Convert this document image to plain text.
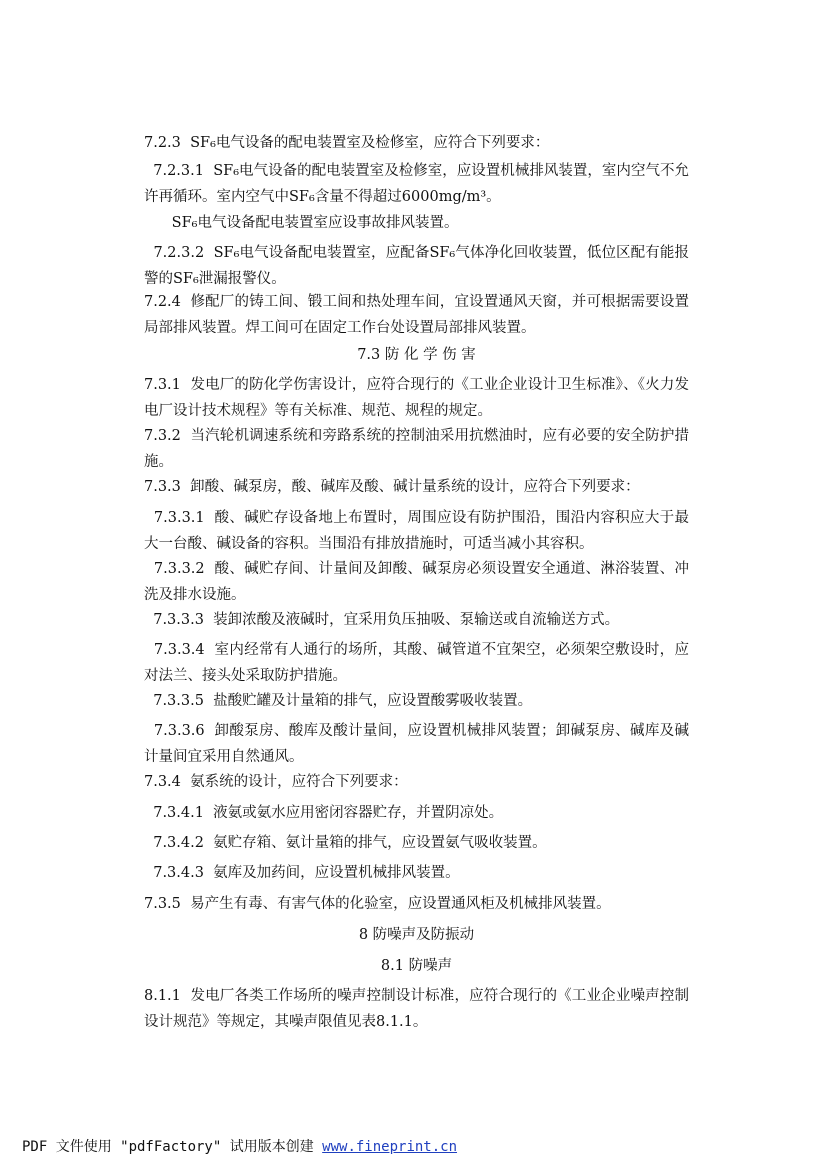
7.2.3  SF₆电气设备的配电装置室及检修室，应符合下列要求：
7.2.3.1  SF₆电气设备的配电装置室及检修室，应设置机械排风装置，室内空气不允许再循环。室内空气中SF₆含量不得超过6000mg/m³。
SF₆电气设备配电装置室应设事故排风装置。
7.2.3.2  SF₆电气设备配电装置室，应配备SF₆气体净化回收装置，低位区配有能报警的SF₆泄漏报警仪。
7.2.4  修配厂的铸工间、锻工间和热处理车间，宜设置通风天窗，并可根据需要设置局部排风装置。焊工间可在固定工作台处设置局部排风装置。
7.3 防 化 学 伤 害
7.3.1  发电厂的防化学伤害设计，应符合现行的《工业企业设计卫生标准》、《火力发电厂设计技术规程》等有关标准、规范、规程的规定。
7.3.2  当汽轮机调速系统和旁路系统的控制油采用抗燃油时，应有必要的安全防护措施。
7.3.3  卸酸、碱泵房，酸、碱库及酸、碱计量系统的设计，应符合下列要求：
7.3.3.1  酸、碱贮存设备地上布置时，周围应设有防护围沿，围沿内容积应大于最大一台酸、碱设备的容积。当围沿有排放措施时，可适当减小其容积。
7.3.3.2  酸、碱贮存间、计量间及卸酸、碱泵房必须设置安全通道、淋浴装置、冲洗及排水设施。
7.3.3.3  装卸浓酸及液碱时，宜采用负压抽吸、泵输送或自流输送方式。
7.3.3.4  室内经常有人通行的场所，其酸、碱管道不宜架空，必须架空敷设时，应对法兰、接头处采取防护措施。
7.3.3.5  盐酸贮罐及计量箱的排气，应设置酸雾吸收装置。
7.3.3.6  卸酸泵房、酸库及酸计量间，应设置机械排风装置；卸碱泵房、碱库及碱计量间宜采用自然通风。
7.3.4  氨系统的设计，应符合下列要求：
7.3.4.1  液氨或氨水应用密闭容器贮存，并置阴凉处。
7.3.4.2  氨贮存箱、氨计量箱的排气，应设置氨气吸收装置。
7.3.4.3  氨库及加药间，应设置机械排风装置。
7.3.5  易产生有毒、有害气体的化验室，应设置通风柜及机械排风装置。
8 防噪声及防振动
8.1 防噪声
8.1.1  发电厂各类工作场所的噪声控制设计标准，应符合现行的《工业企业噪声控制设计规范》等规定，其噪声限值见表8.1.1。
PDF 文件使用 "pdfFactory" 试用版本创建 www.fineprint.cn
